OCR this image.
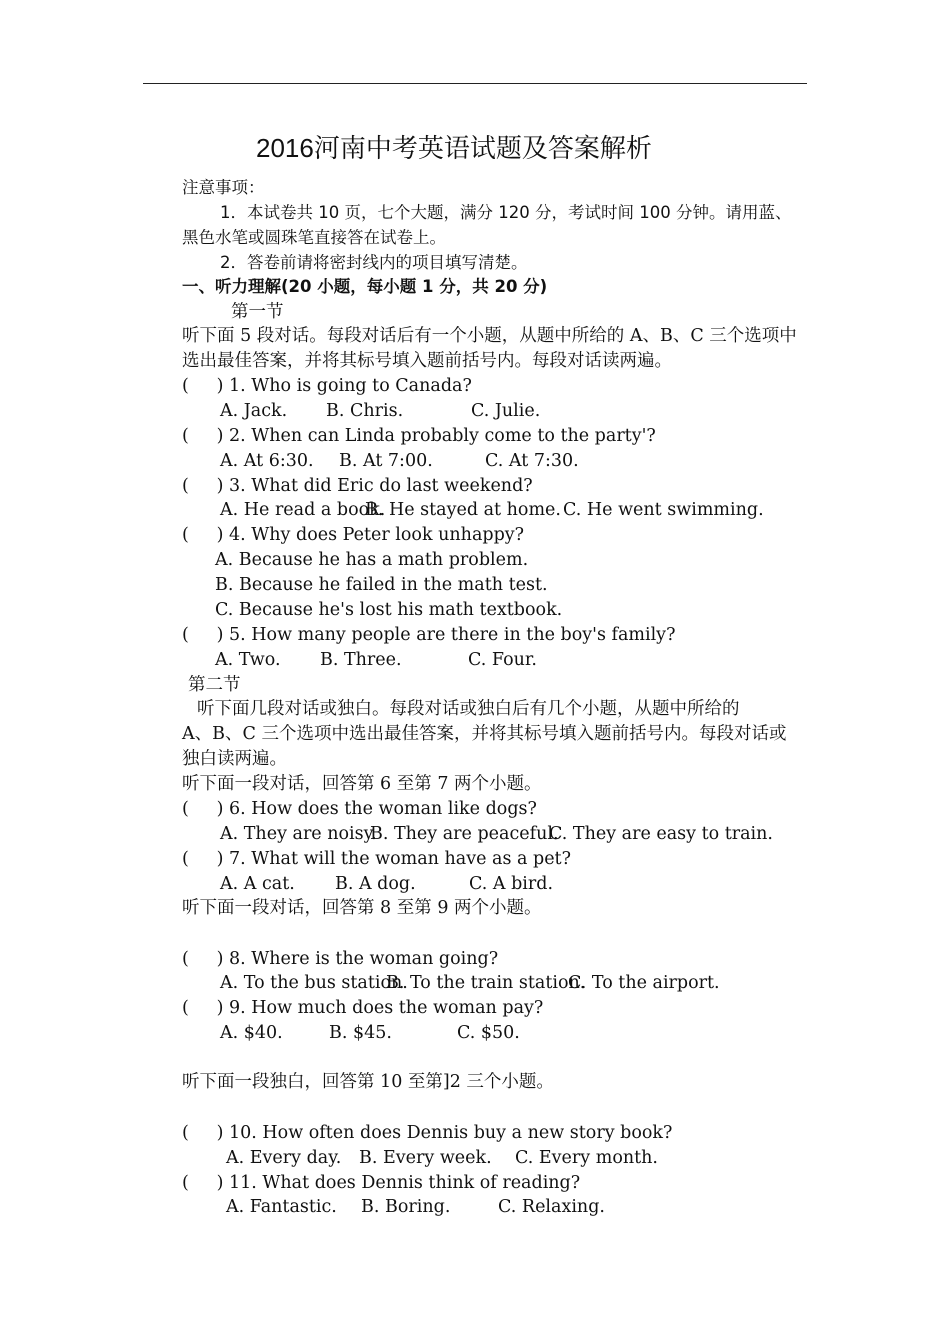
2016河南中考英语试题及答案解析
注意事项：
1．本试卷共 10 页，七个大题，满分 120 分，考试时间 100 分钟。请用蓝、
黑色水笔或圆珠笔直接答在试卷上。
2．答卷前请将密封线内的项目填写清楚。
一、听力理解(20 小题，每小题 1 分，共 20 分)
第一节
听下面 5 段对话。每段对话后有一个小题，从题中所给的 A、B、C 三个选项中
选出最佳答案，并将其标号填入题前括号内。每段对话读两遍。
(     ) 1. Who is going to Canada?
A. Jack. B. Chris.	C. Julie.
(     ) 2. When can Linda probably come to the party'?
A. At 6:30. B. At 7:00.	C. At 7:30.
(     ) 3. What did Eric do last weekend?
A. He read a book.
B. He stayed at home. C. He went swimming.
(     ) 4. Why does Peter look unhappy?
A. Because he has a math problem.
B. Because he failed in the math test.
C. Because he's lost his math textbook.
(     ) 5. How many people are there in the boy's family?
A. Two. B. Three.	C. Four.
第二节
听下面几段对话或独白。每段对话或独白后有几个小题，从题中所给的
A、B、C 三个选项中选出最佳答案，并将其标号填入题前括号内。每段对话或
独白读两遍。
听下面一段对话，回答第 6 至第 7 两个小题。
(     ) 6. How does the woman like dogs?
A. They are noisy.
B. They are peaceful.
C. They are easy to train.
(     ) 7. What will the woman have as a pet?
A. A cat. B. A dog.	C. A bird.
听下面一段对话，回答第 8 至第 9 两个小题。
(     ) 8. Where is the woman going?
A. To the bus station.
B. To the train station.
C. To the airport.
(     ) 9. How much does the woman pay?
A. $40.	B. $45.	C. $50.
听下面一段独白，回答第 10 至第]2 三个小题。
(     ) 10. How often does Dennis buy a new story book?
A. Every day. B. Every week. C. Every month.
(     ) 11. What does Dennis think of reading?
A. Fantastic. B. Boring.	C. Relaxing.
